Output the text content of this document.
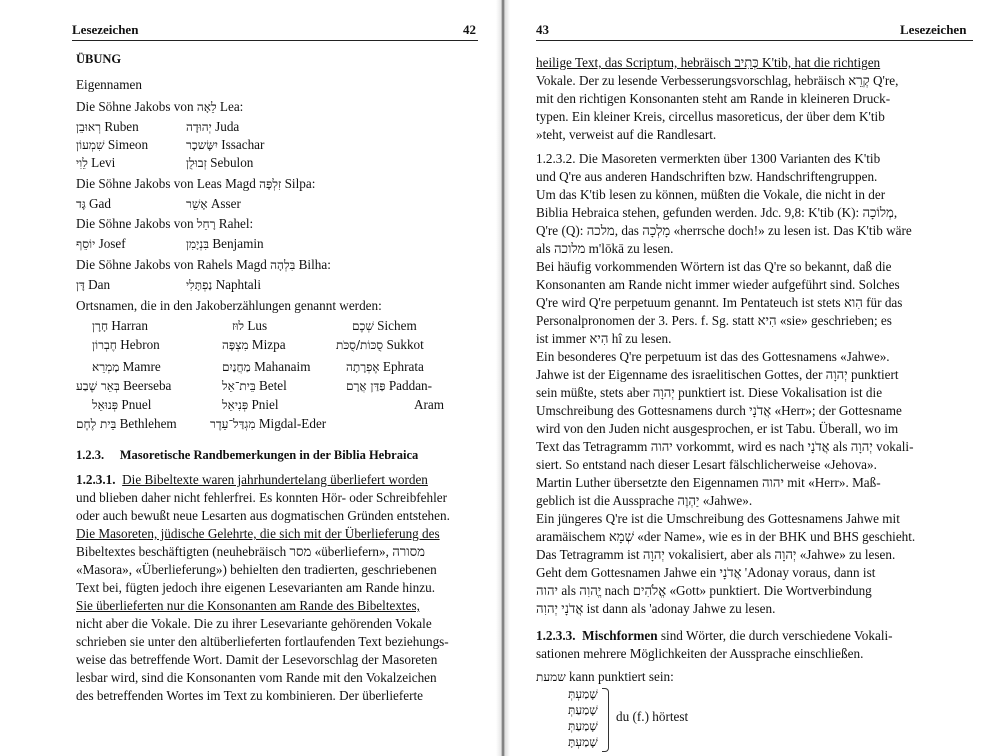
Lesezeichen	42
ÜBUNG
Eigennamen
Die Söhne Jakobs von לֵאָה Lea:
רְאוּבֵן Ruben	יְהוּדָה Juda
שִׁמְעוֹן Simeon	יִשָּׂשכָר Issachar
לֵוִי Levi	זְבוּלֻן Sebulon
Die Söhne Jakobs von Leas Magd זִלְפָּה Silpa:
גָּד Gad	אָשֵׁר Asser
Die Söhne Jakobs von רָחֵל Rahel:
יוֹסֵף Josef	בִּנְיָמִן Benjamin
Die Söhne Jakobs von Rahels Magd בִּלְהָה Bilha:
דָּן Dan	נַפְתָּלִי Naphtali
Ortsnamen, die in den Jakoberzählungen genannt werden:
חָרָן Harran	לוּז Lus	שְׁכֶם Sichem
חֶבְרוֹן Hebron	מִצְפָּה Mizpa	סֻכּוֹת/סֻכֹּת Sukkot
מַמְרֵא Mamre	מַחֲנַיִם Mahanaim	אֶפְרָתָה Ephrata
בְּאֵר שֶׁבַע Beerseba	בֵּית־אֵל Betel	פַּדַּן אֲרָם Paddan-
פְּנוּאֵל Pnuel	פְּנִיאֵל Pniel	Aram
בֵּית לֶחֶם Bethlehem	מִגְדַּל־עֵדֶר Migdal-Eder
1.2.3. Masoretische Randbemerkungen in der Biblia Hebraica
1.2.3.1. Die Bibeltexte waren jahrhundertelang überliefert worden
und blieben daher nicht fehlerfrei. Es konnten Hör- oder Schreibfehler
oder auch bewußt neue Lesarten aus dogmatischen Gründen entstehen.
Die Masoreten, jüdische Gelehrte, die sich mit der Überlieferung des
Bibeltextes beschäftigten (neuhebräisch מסר «überliefern», מסורה
«Masora», «Überlieferung») behielten den tradierten, geschriebenen
Text bei, fügten jedoch ihre eigenen Lesevarianten am Rande hinzu.
Sie überlieferten nur die Konsonanten am Rande des Bibeltextes,
nicht aber die Vokale. Die zu ihrer Lesevariante gehörenden Vokale
schrieben sie unter den altüberlieferten fortlaufenden Text beziehungs-
weise das betreffende Wort. Damit der Lesevorschlag der Masoreten
lesbar wird, sind die Konsonanten vom Rande mit den Vokalzeichen
des betreffenden Wortes im Text zu kombinieren. Der überlieferte
43	Lesezeichen
heilige Text, das Scriptum, hebräisch כְּתִיב K'tib, hat die richtigen
Vokale. Der zu lesende Verbesserungsvorschlag, hebräisch קְרֵא Q're,
mit den richtigen Konsonanten steht am Rande in kleineren Druck-
typen. Ein kleiner Kreis, circellus masoreticus, der über dem K'tib
»teht, verweist auf die Randlesart.
1.2.3.2. Die Masoreten vermerkten über 1300 Varianten des K'tib
und Q're aus anderen Handschriften bzw. Handschriftengruppen.
Um das K'tib lesen zu können, müßten die Vokale, die nicht in der
Biblia Hebraica stehen, gefunden werden. Jdc. 9,8: K'tib (K): מְלוֹכָה,
Q're (Q): מלכה, das מָלְכָה «herrsche doch!» zu lesen ist. Das K'tib wäre
als מלוכה m'lōkā zu lesen.
Bei häufig vorkommenden Wörtern ist das Q're so bekannt, daß die
Konsonanten am Rande nicht immer wieder aufgeführt sind. Solches
Q're wird Q're perpetuum genannt. Im Pentateuch ist stets הִוא für das
Personalpronomen der 3. Pers. f. Sg. statt הִיא «sie» geschrieben; es
ist immer הִיא hî zu lesen.
Ein besonderes Q're perpetuum ist das des Gottesnamens «Jahwe».
Jahwe ist der Eigenname des israelitischen Gottes, der יְהוָה punktiert
sein müßte, stets aber יְהוָה punktiert ist. Diese Vokalisation ist die
Umschreibung des Gottesnamens durch אֲדֹנָי «Herr»; der Gottesname
wird von den Juden nicht ausgesprochen, er ist Tabu. Überall, wo im
Text das Tetragramm יהוה vorkommt, wird es nach אֲדֹנָי als יְהוָה vokali-
siert. So entstand nach dieser Lesart fälschlicherweise «Jehova».
Martin Luther übersetzte den Eigennamen יהוה mit «Herr». Maß-
geblich ist die Aussprache יַהְוֶה «Jahwe».
Ein jüngeres Q're ist die Umschreibung des Gottesnamens Jahwe mit
aramäischem שְׁמָא «der Name», wie es in der BHK und BHS geschieht.
Das Tetragramm ist יְהוָה vokalisiert, aber als יְהוָה «Jahwe» zu lesen.
Geht dem Gottesnamen Jahwe ein אֲדֹנָי 'Adonay voraus, dann ist
יהוה als יֱהוִה nach אֱלֹהִים «Gott» punktiert. Die Wortverbindung
אֲדֹנָי יְהוִה ist dann als 'adonay Jahwe zu lesen.
1.2.3.3. Mischformen sind Wörter, die durch verschiedene Vokali-
sationen mehrere Möglichkeiten der Aussprache einschließen.
שמעת kann punktiert sein:
שָׁמַעְתְּ
שָׁמַעַתְּ
שָׁמַעַתְּ
שָׁמַעְתָּ
du (f.) hörtest
